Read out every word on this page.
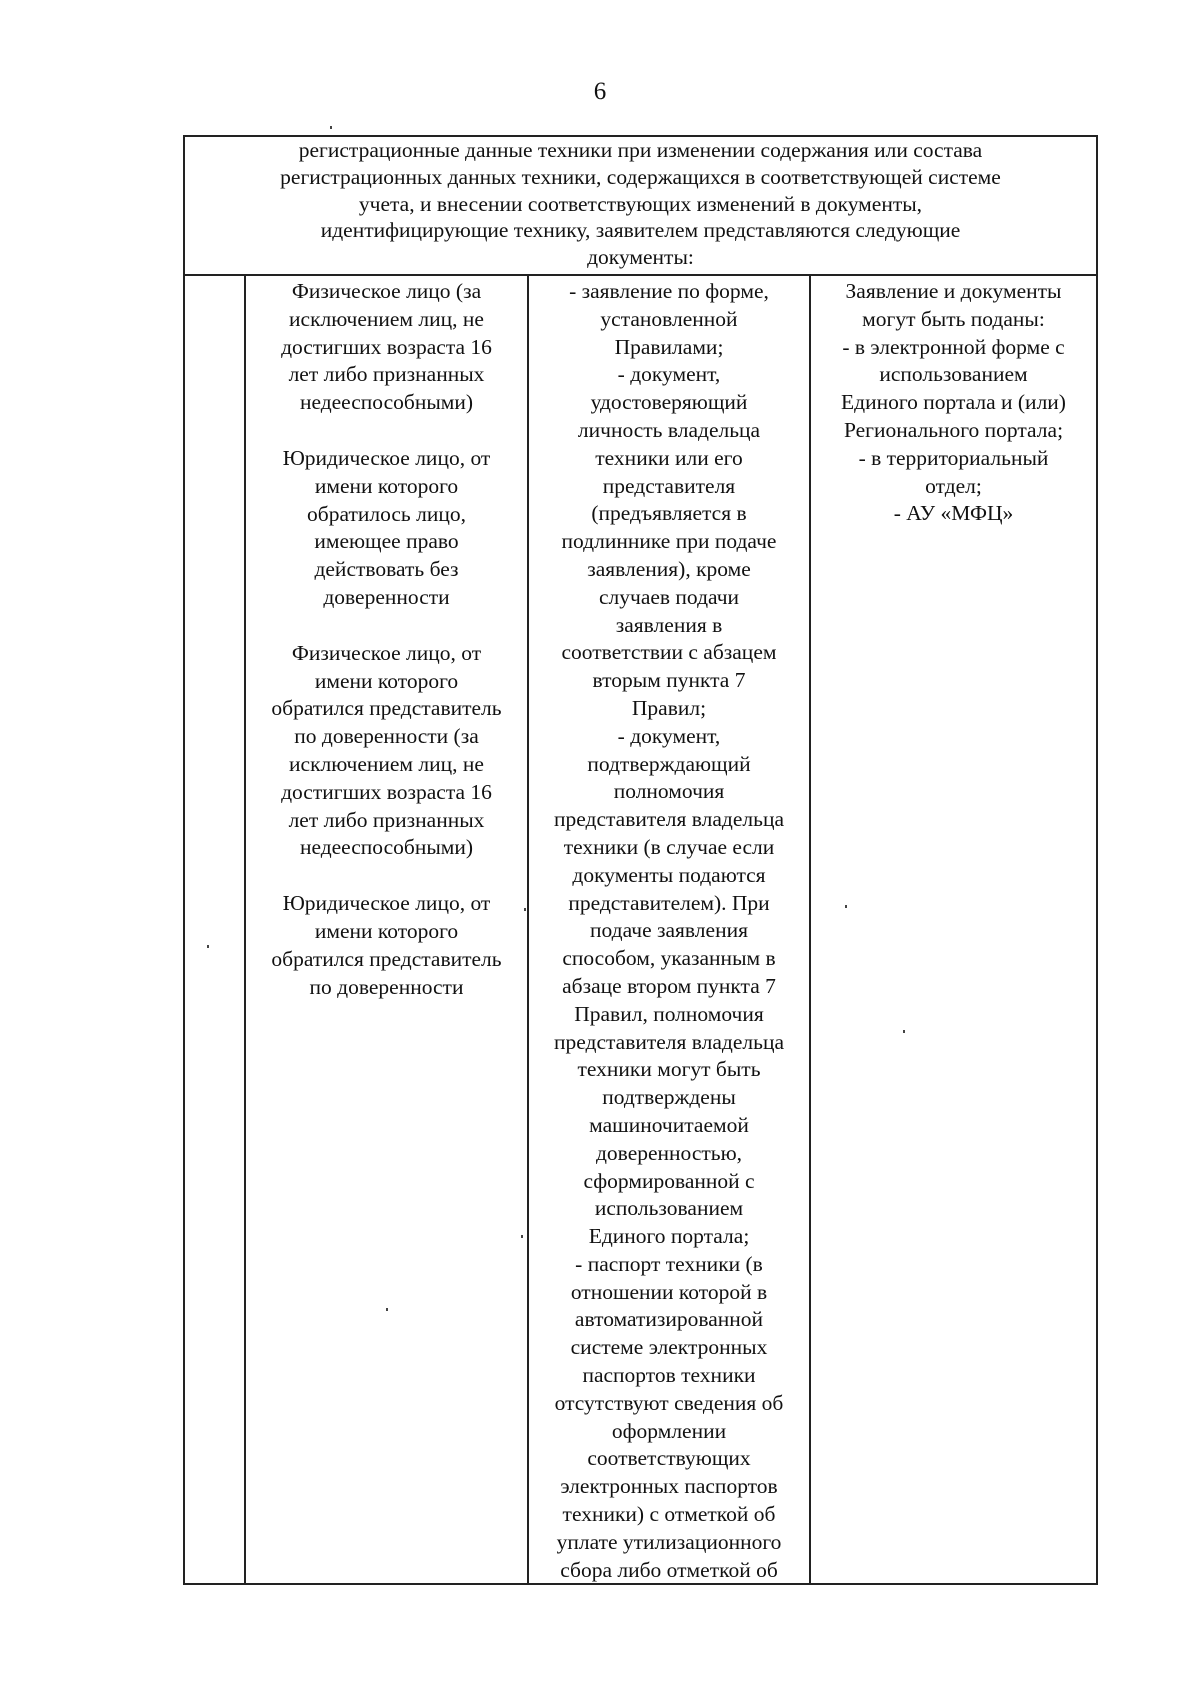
6
регистрационные данные техники при изменении содержания или состава
регистрационных данных техники, содержащихся в соответствующей системе
учета, и внесении соответствующих изменений в документы,
идентифицирующие технику, заявителем представляются следующие
документы:
Физическое лицо (за
исключением лиц, не
достигших возраста 16
лет либо признанных
недееспособными)
Юридическое лицо, от
имени которого
обратилось лицо,
имеющее право
действовать без
доверенности
Физическое лицо, от
имени которого
обратился представитель
по доверенности (за
исключением лиц, не
достигших возраста 16
лет либо признанных
недееспособными)
Юридическое лицо, от
имени которого
обратился представитель
по доверенности
- заявление по форме,
установленной
Правилами;
- документ,
удостоверяющий
личность владельца
техники или его
представителя
(предъявляется в
подлиннике при подаче
заявления), кроме
случаев подачи
заявления в
соответствии с абзацем
вторым пункта 7
Правил;
- документ,
подтверждающий
полномочия
представителя владельца
техники (в случае если
документы подаются
представителем). При
подаче заявления
способом, указанным в
абзаце втором пункта 7
Правил, полномочия
представителя владельца
техники могут быть
подтверждены
машиночитаемой
доверенностью,
сформированной с
использованием
Единого портала;
- паспорт техники (в
отношении которой в
автоматизированной
системе электронных
паспортов техники
отсутствуют сведения об
оформлении
соответствующих
электронных паспортов
техники) с отметкой об
уплате утилизационного
сбора либо отметкой об
Заявление и документы
могут быть поданы:
- в электронной форме с
использованием
Единого портала и (или)
Регионального портала;
- в территориальный
отдел;
- АУ «МФЦ»
